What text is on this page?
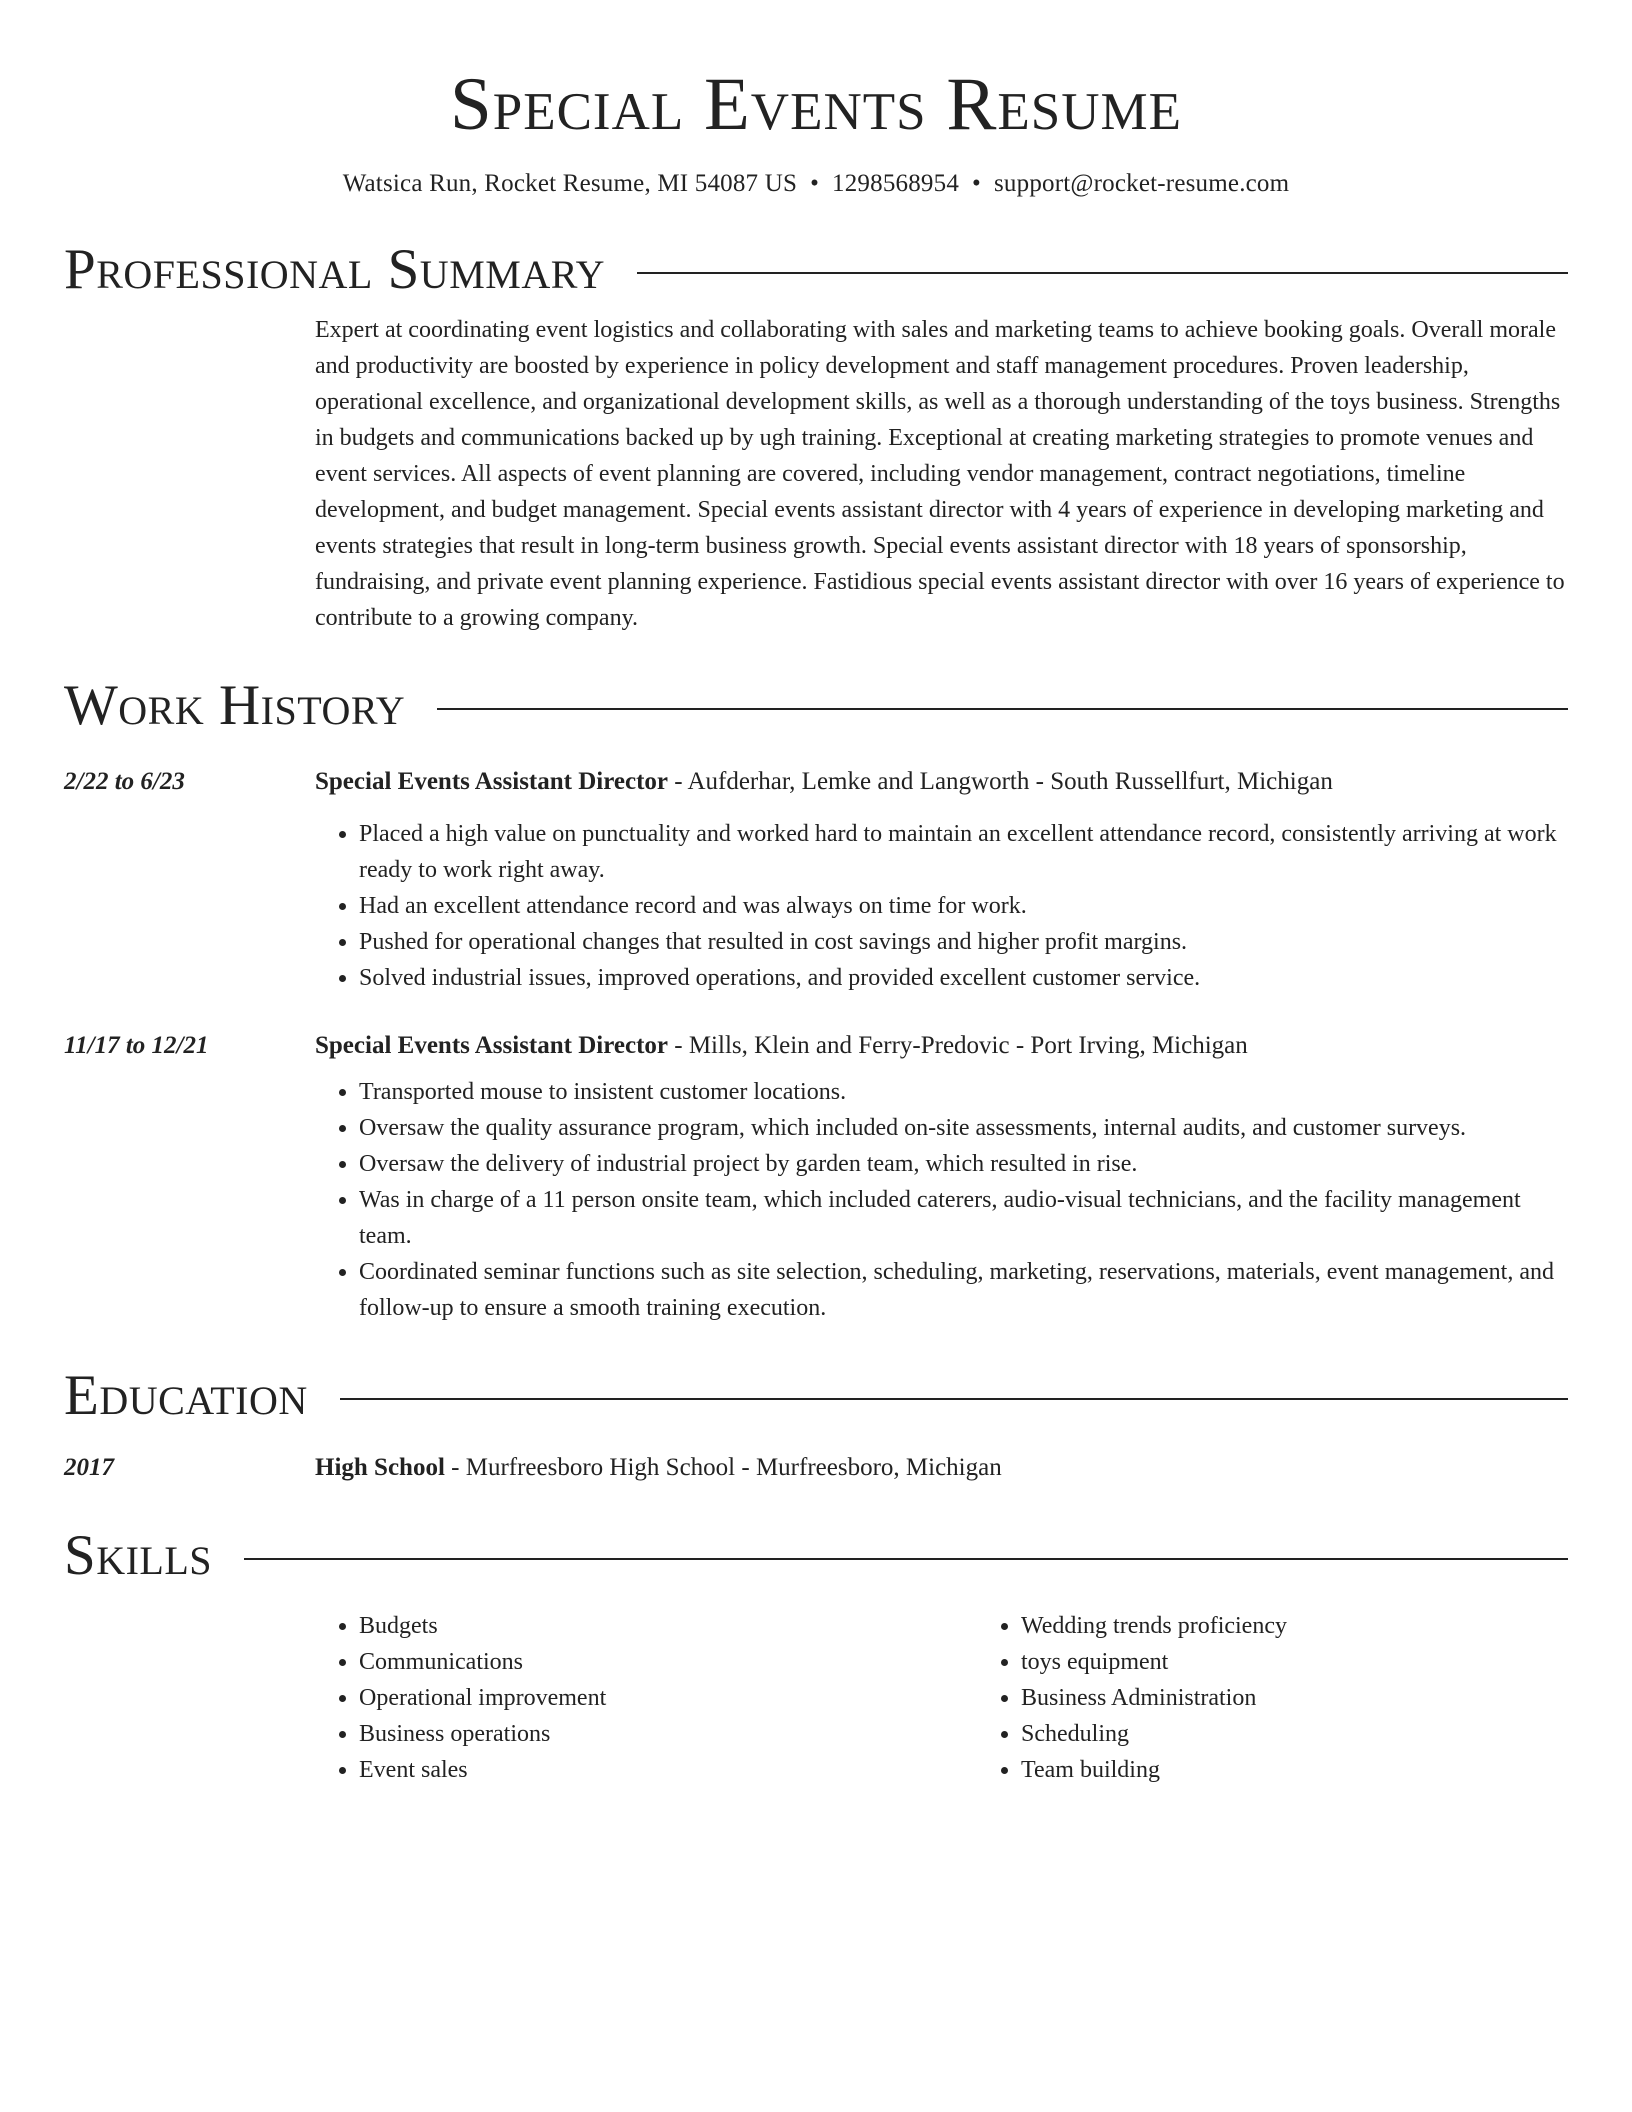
Special Events Resume
Watsica Run, Rocket Resume, MI 54087 US • 1298568954 • support@rocket-resume.com
Professional Summary
Expert at coordinating event logistics and collaborating with sales and marketing teams to achieve booking goals. Overall morale and productivity are boosted by experience in policy development and staff management procedures. Proven leadership, operational excellence, and organizational development skills, as well as a thorough understanding of the toys business. Strengths in budgets and communications backed up by ugh training. Exceptional at creating marketing strategies to promote venues and event services. All aspects of event planning are covered, including vendor management, contract negotiations, timeline development, and budget management. Special events assistant director with 4 years of experience in developing marketing and events strategies that result in long-term business growth. Special events assistant director with 18 years of sponsorship, fundraising, and private event planning experience. Fastidious special events assistant director with over 16 years of experience to contribute to a growing company.
Work History
2/22 to 6/23	Special Events Assistant Director - Aufderhar, Lemke and Langworth - South Russellfurt, Michigan
• Placed a high value on punctuality and worked hard to maintain an excellent attendance record, consistently arriving at work ready to work right away.
• Had an excellent attendance record and was always on time for work.
• Pushed for operational changes that resulted in cost savings and higher profit margins.
• Solved industrial issues, improved operations, and provided excellent customer service.
11/17 to 12/21	Special Events Assistant Director - Mills, Klein and Ferry-Predovic - Port Irving, Michigan
• Transported mouse to insistent customer locations.
• Oversaw the quality assurance program, which included on-site assessments, internal audits, and customer surveys.
• Oversaw the delivery of industrial project by garden team, which resulted in rise.
• Was in charge of a 11 person onsite team, which included caterers, audio-visual technicians, and the facility management team.
• Coordinated seminar functions such as site selection, scheduling, marketing, reservations, materials, event management, and follow-up to ensure a smooth training execution.
Education
2017	High School - Murfreesboro High School - Murfreesboro, Michigan
Skills
• Budgets
• Communications
• Operational improvement
• Business operations
• Event sales
• Wedding trends proficiency
• toys equipment
• Business Administration
• Scheduling
• Team building
